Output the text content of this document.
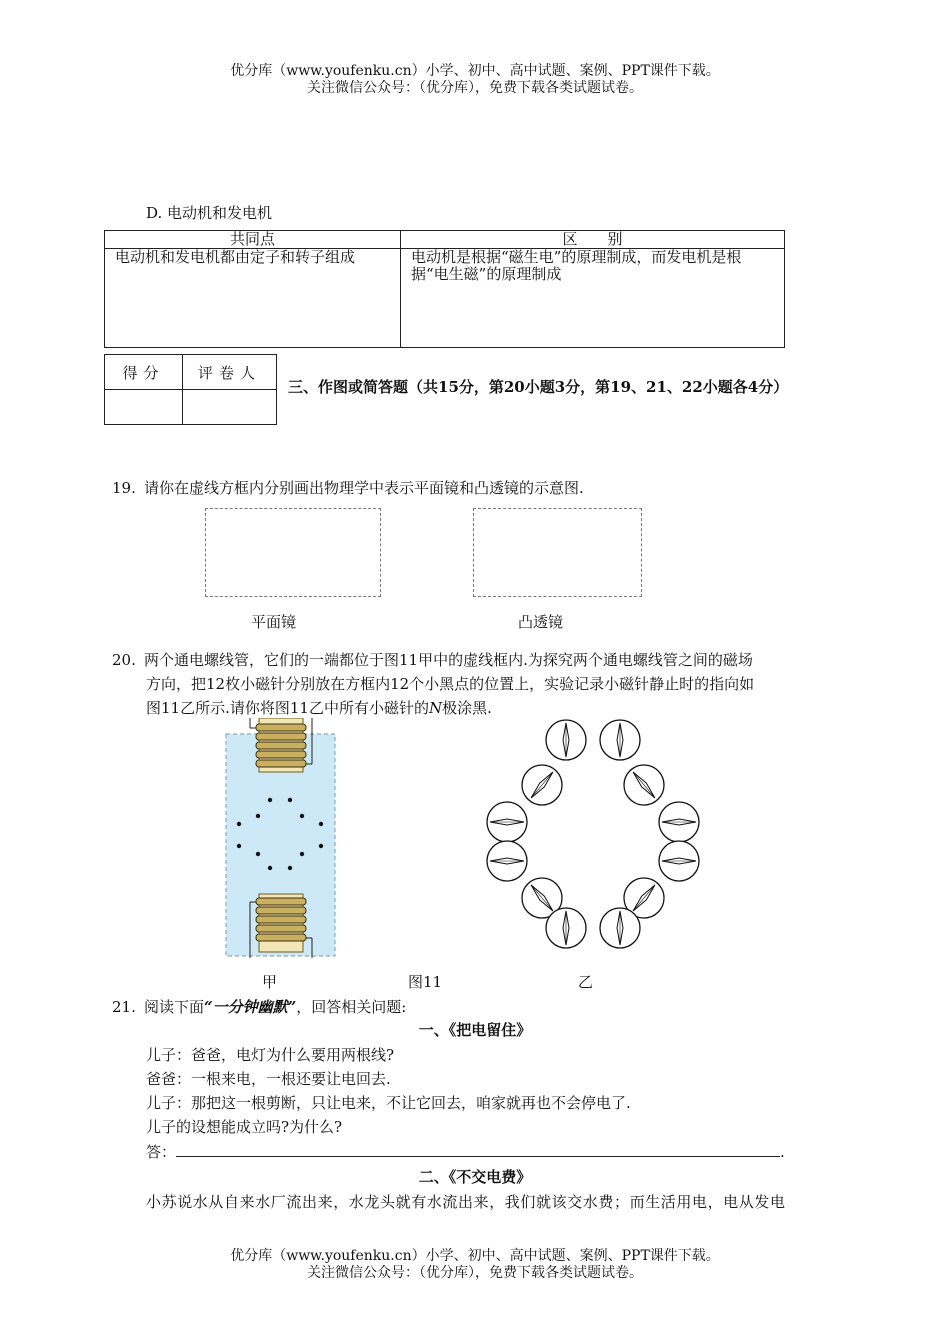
优分库（www.youfenku.cn）小学、初中、高中试题、案例、PPT课件下载。
关注微信公众号：（优分库），免费下载各类试题试卷。
D. 电动机和发电机
共同点	区　　别
电动机和发电机都由定子和转子组成	电动机是根据“磁生电”的原理制成，而发电机是根据“电生磁”的原理制成
得分	评卷人

三、作图或简答题（共15分，第20小题3分，第19、21、22小题各4分）
19. 请你在虚线方框内分别画出物理学中表示平面镜和凸透镜的示意图.
平面镜	凸透镜
20. 两个通电螺线管，它们的一端都位于图11甲中的虚线框内.为探究两个通电螺线管之间的磁场
方向，把12枚小磁针分别放在方框内12个小黑点的位置上，实验记录小磁针静止时的指向如
图11乙所示.请你将图11乙中所有小磁针的N极涂黑.
甲	图11	乙
21. 阅读下面“一分钟幽默”，回答相关问题:
一、《把电留住》
儿子：爸爸，电灯为什么要用两根线?
爸爸：一根来电，一根还要让电回去.
儿子：那把这一根剪断，只让电来，不让它回去，咱家就再也不会停电了.
儿子的设想能成立吗?为什么?
答：	.
二、《不交电费》
小苏说水从自来水厂流出来，水龙头就有水流出来，我们就该交水费；而生活用电，电从发电
优分库（www.youfenku.cn）小学、初中、高中试题、案例、PPT课件下载。
关注微信公众号：（优分库），免费下载各类试题试卷。
